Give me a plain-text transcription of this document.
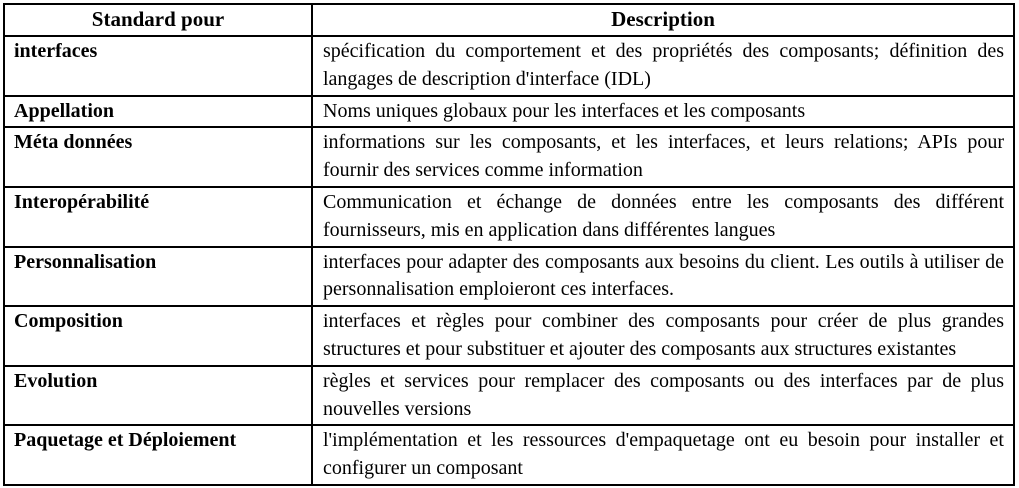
Standard pour	Description
interfaces	spécification du comportement et des propriétés des composants; définition des langages de description d'interface (IDL)
Appellation	Noms uniques globaux pour les interfaces et les composants
Méta données	informations sur les composants, et les interfaces, et leurs relations; APIs pour fournir des services comme information
Interopérabilité	Communication et échange de données entre les composants des différent fournisseurs, mis en application dans différentes langues
Personnalisation	interfaces pour adapter des composants aux besoins du client. Les outils à utiliser de personnalisation emploieront ces interfaces.
Composition	interfaces et règles pour combiner des composants pour créer de plus grandes structures et pour substituer et ajouter des composants aux structures existantes
Evolution	règles et services pour remplacer des composants ou des interfaces par de plus nouvelles versions
Paquetage et Déploiement	l'implémentation et les ressources d'empaquetage ont eu besoin pour installer et configurer un composant
